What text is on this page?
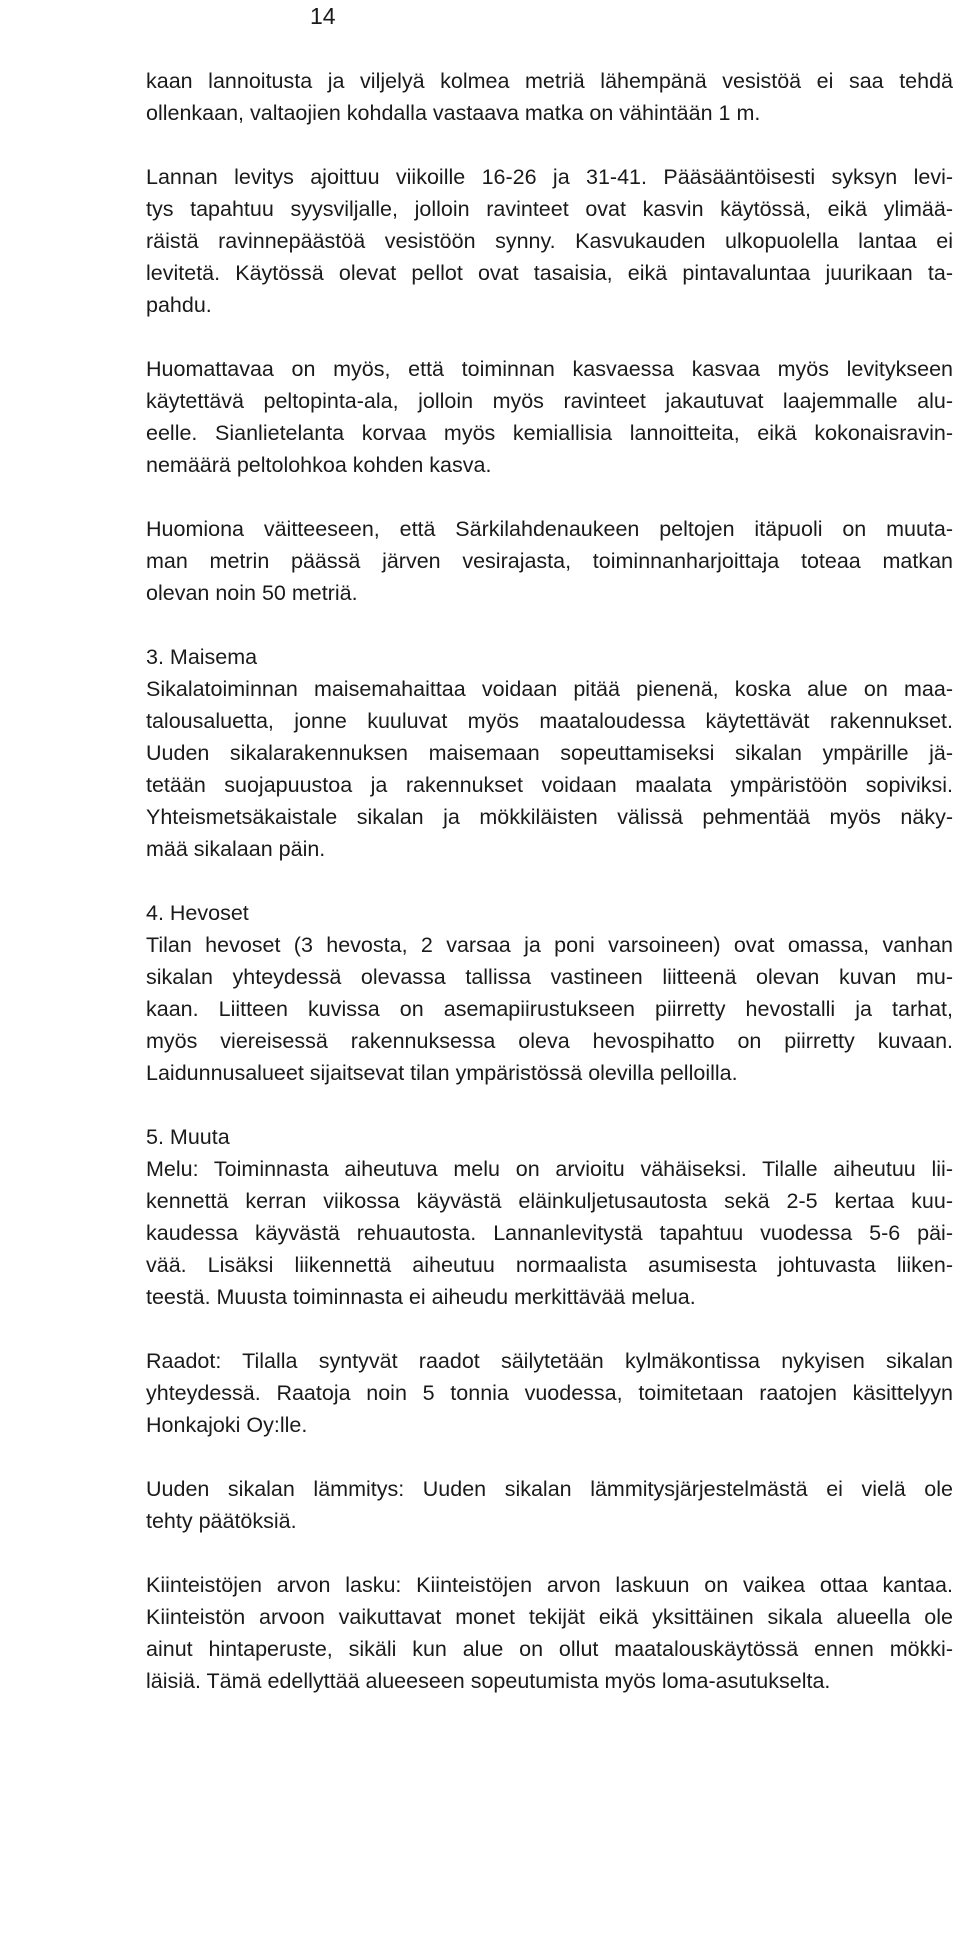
14
kaan lannoitusta ja viljelyä kolmea metriä lähempänä vesistöä ei saa tehdä
ollenkaan, valtaojien kohdalla vastaava matka on vähintään 1 m.
Lannan levitys ajoittuu viikoille 16-26 ja 31-41. Pääsääntöisesti syksyn levi-
tys tapahtuu syysviljalle, jolloin ravinteet ovat kasvin käytössä, eikä ylimää-
räistä ravinnepäästöä vesistöön synny. Kasvukauden ulkopuolella lantaa ei
levitetä. Käytössä olevat pellot ovat tasaisia, eikä pintavaluntaa juurikaan ta-
pahdu.
Huomattavaa on myös, että toiminnan kasvaessa kasvaa myös levitykseen
käytettävä peltopinta-ala, jolloin myös ravinteet jakautuvat laajemmalle alu-
eelle. Sianlietelanta korvaa myös kemiallisia lannoitteita, eikä kokonaisravin-
nemäärä peltolohkoa kohden kasva.
Huomiona väitteeseen, että Särkilahdenaukeen peltojen itäpuoli on muuta-
man metrin päässä järven vesirajasta, toiminnanharjoittaja toteaa matkan
olevan noin 50 metriä.
3. Maisema
Sikalatoiminnan maisemahaittaa voidaan pitää pienenä, koska alue on maa-
talousaluetta, jonne kuuluvat myös maataloudessa käytettävät rakennukset.
Uuden sikalarakennuksen maisemaan sopeuttamiseksi sikalan ympärille jä-
tetään suojapuustoa ja rakennukset voidaan maalata ympäristöön sopiviksi.
Yhteismetsäkaistale sikalan ja mökkiläisten välissä pehmentää myös näky-
mää sikalaan päin.
4. Hevoset
Tilan hevoset (3 hevosta, 2 varsaa ja poni varsoineen) ovat omassa, vanhan
sikalan yhteydessä olevassa tallissa vastineen liitteenä olevan kuvan mu-
kaan. Liitteen kuvissa on asemapiirustukseen piirretty hevostalli ja tarhat,
myös viereisessä rakennuksessa oleva hevospihatto on piirretty kuvaan.
Laidunnusalueet sijaitsevat tilan ympäristössä olevilla pelloilla.
5. Muuta
Melu: Toiminnasta aiheutuva melu on arvioitu vähäiseksi. Tilalle aiheutuu lii-
kennettä kerran viikossa käyvästä eläinkuljetusautosta sekä 2-5 kertaa kuu-
kaudessa käyvästä rehuautosta. Lannanlevitystä tapahtuu vuodessa 5-6 päi-
vää. Lisäksi liikennettä aiheutuu normaalista asumisesta johtuvasta liiken-
teestä. Muusta toiminnasta ei aiheudu merkittävää melua.
Raadot: Tilalla syntyvät raadot säilytetään kylmäkontissa nykyisen sikalan
yhteydessä. Raatoja noin 5 tonnia vuodessa, toimitetaan raatojen käsittelyyn
Honkajoki Oy:lle.
Uuden sikalan lämmitys: Uuden sikalan lämmitysjärjestelmästä ei vielä ole
tehty päätöksiä.
Kiinteistöjen arvon lasku: Kiinteistöjen arvon laskuun on vaikea ottaa kantaa.
Kiinteistön arvoon vaikuttavat monet tekijät eikä yksittäinen sikala alueella ole
ainut hintaperuste, sikäli kun alue on ollut maatalouskäytössä ennen mökki-
läisiä. Tämä edellyttää alueeseen sopeutumista myös loma-asutukselta.
